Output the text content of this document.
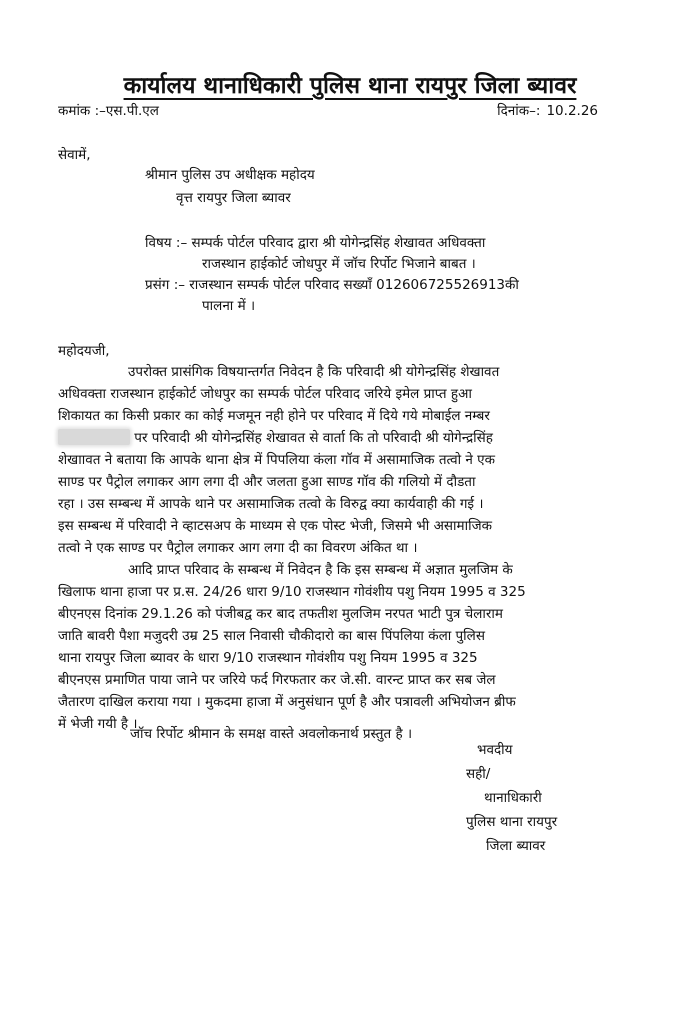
कार्यालय थानाधिकारी पुलिस थाना रायपुर जिला ब्यावर
कमांक :–एस.पी.एल	दिनांक–: 10.2.26
सेवामें,
श्रीमान पुलिस उप अधीक्षक महोदय
वृत्त रायपुर जिला ब्यावर
विषय :– सम्पर्क पोर्टल परिवाद द्वारा श्री योगेन्द्रसिंह शेखावत अधिवक्ता
राजस्थान हाईकोर्ट जोधपुर में जॉच रिर्पोट भिजाने बाबत ।
प्रसंग :– राजस्थान सम्पर्क पोर्टल परिवाद सख्याँ 012606725526913की
पालना में ।
महोदयजी,
उपरोक्त प्रासंगिक विषयान्तर्गत निवेदन है कि परिवादी श्री योगेन्द्रसिंह शेखावत
अधिवक्ता राजस्थान हाईकोर्ट जोधपुर का सम्पर्क पोर्टल परिवाद जरिये इमेल प्राप्त हुआ
शिकायत का किसी प्रकार का कोई मजमून नही होने पर परिवाद में दिये गये मोबाईल नम्बर
पर परिवादी श्री योगेन्द्रसिंह शेखावत से वार्ता कि तो परिवादी श्री योगेन्द्रसिंह
शेखाावत ने बताया कि आपके थाना क्षेत्र में पिपलिया कंला गॉव में असामाजिक तत्वो ने एक
साण्ड पर पैट्रोल लगाकर आग लगा दी और जलता हुआ साण्ड गॉव की गलियो में दौडता
रहा । उस सम्बन्ध में आपके थाने पर असामाजिक तत्वो के विरुद्व क्या कार्यवाही की गई ।
इस सम्बन्ध में परिवादी ने व्हाटसअप के माध्यम से एक पोस्ट भेजी, जिसमे भी असामाजिक
तत्वो ने एक साण्ड पर पैट्रोल लगाकर आग लगा दी का विवरण अंकित था ।
आदि प्राप्त परिवाद के सम्बन्ध में निवेदन है कि इस सम्बन्ध में अज्ञात मुलजिम के
खिलाफ थाना हाजा पर प्र.स. 24/26 धारा 9/10 राजस्थान गोवंशीय पशु नियम 1995 व 325
बीएनएस दिनांक 29.1.26 को पंजीबद्व कर बाद तफतीश मुलजिम नरपत भाटी पुत्र चेलाराम
जाति बावरी पैशा मजुदरी उम्र 25 साल निवासी चौकीदारो का बास पिंपलिया कंला पुलिस
थाना रायपुर जिला ब्यावर के धारा 9/10 राजस्थान गोवंशीय पशु नियम 1995 व 325
बीएनएस प्रमाणित पाया जाने पर जरिये फर्द गिरफतार कर जे.सी. वारन्ट प्राप्त कर सब जेल
जैतारण दाखिल कराया गया । मुकदमा हाजा में अनुसंधान पूर्ण है और पत्रावली अभियोजन ब्रीफ
में भेजी गयी है ।
जॉच रिर्पोट श्रीमान के समक्ष वास्ते अवलोकनार्थ प्रस्तुत है ।
भवदीय
सही/
थानाधिकारी
पुलिस थाना रायपुर
जिला ब्यावर
